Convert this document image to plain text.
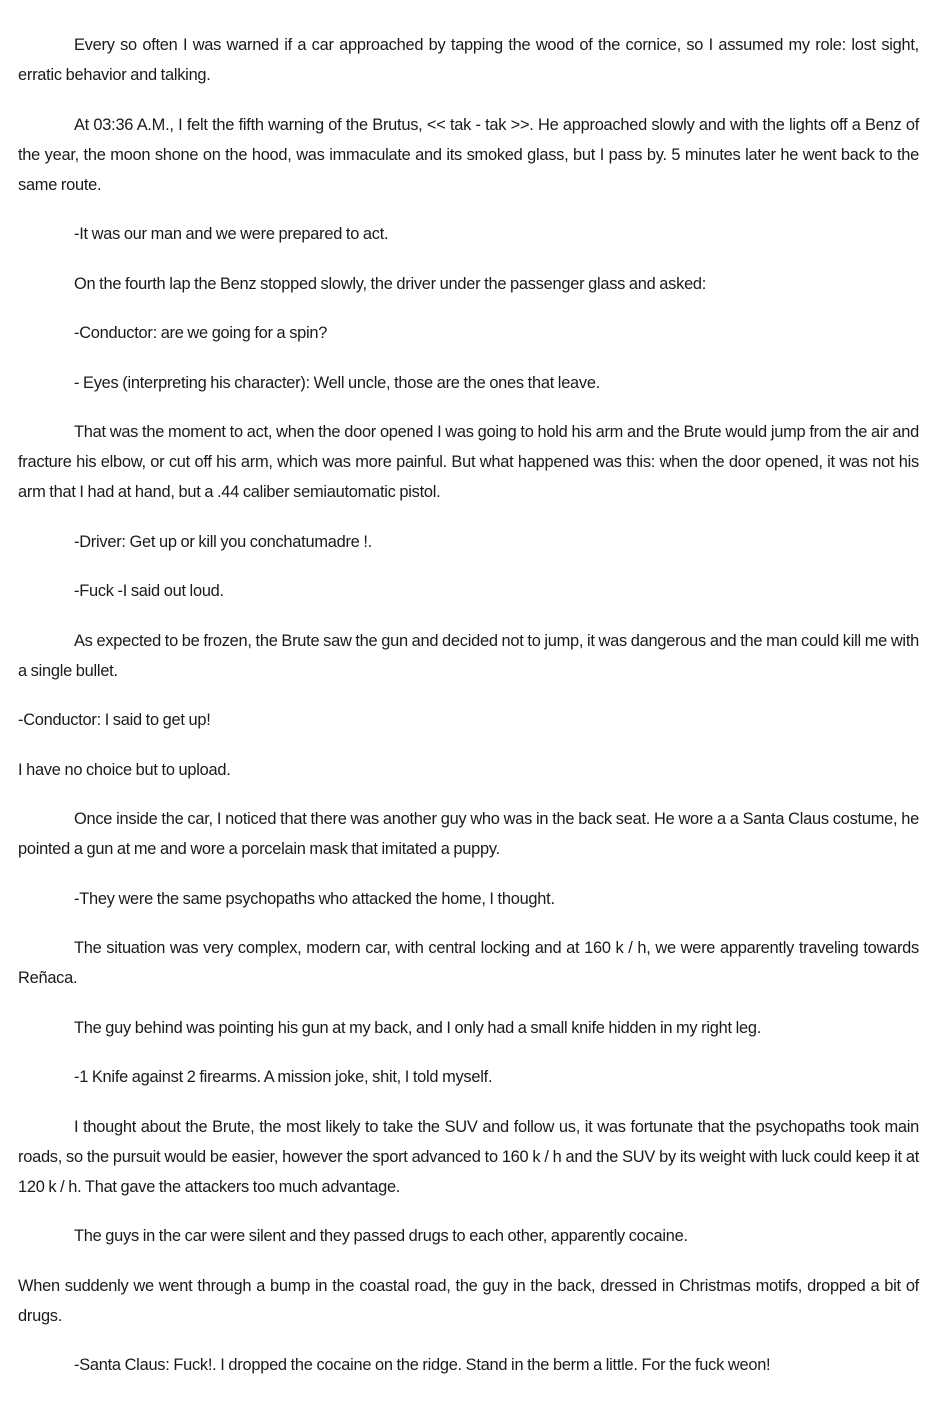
Every so often I was warned if a car approached by tapping the wood of the cornice, so I assumed my role: lost sight, erratic behavior and talking.

At 03:36 A.M., I felt the fifth warning of the Brutus, << tak - tak >>. He approached slowly and with the lights off a Benz of the year, the moon shone on the hood, was immaculate and its smoked glass, but I pass by. 5 minutes later he went back to the same route.

-It was our man and we were prepared to act.

On the fourth lap the Benz stopped slowly, the driver under the passenger glass and asked:

-Conductor: are we going for a spin?

- Eyes (interpreting his character): Well uncle, those are the ones that leave.

That was the moment to act, when the door opened I was going to hold his arm and the Brute would jump from the air and fracture his elbow, or cut off his arm, which was more painful. But what happened was this: when the door opened, it was not his arm that I had at hand, but a .44 caliber semiautomatic pistol.

-Driver: Get up or kill you conchatumadre !.

-Fuck -I said out loud.

As expected to be frozen, the Brute saw the gun and decided not to jump, it was dangerous and the man could kill me with a single bullet.

-Conductor: I said to get up!

I have no choice but to upload.

Once inside the car, I noticed that there was another guy who was in the back seat. He wore a a Santa Claus costume, he pointed a gun at me and wore a porcelain mask that imitated a puppy.

-They were the same psychopaths who attacked the home, I thought.

The situation was very complex, modern car, with central locking and at 160 k / h, we were apparently traveling towards Reñaca.

The guy behind was pointing his gun at my back, and I only had a small knife hidden in my right leg.

-1 Knife against 2 firearms. A mission joke, shit, I told myself.

I thought about the Brute, the most likely to take the SUV and follow us, it was fortunate that the psychopaths took main roads, so the pursuit would be easier, however the sport advanced to 160 k / h and the SUV by its weight with luck could keep it at 120 k / h. That gave the attackers too much advantage.

The guys in the car were silent and they passed drugs to each other, apparently cocaine.

When suddenly we went through a bump in the coastal road, the guy in the back, dressed in Christmas motifs, dropped a bit of drugs.

-Santa Claus: Fuck!. I dropped the cocaine on the ridge. Stand in the berm a little. For the fuck weon!
